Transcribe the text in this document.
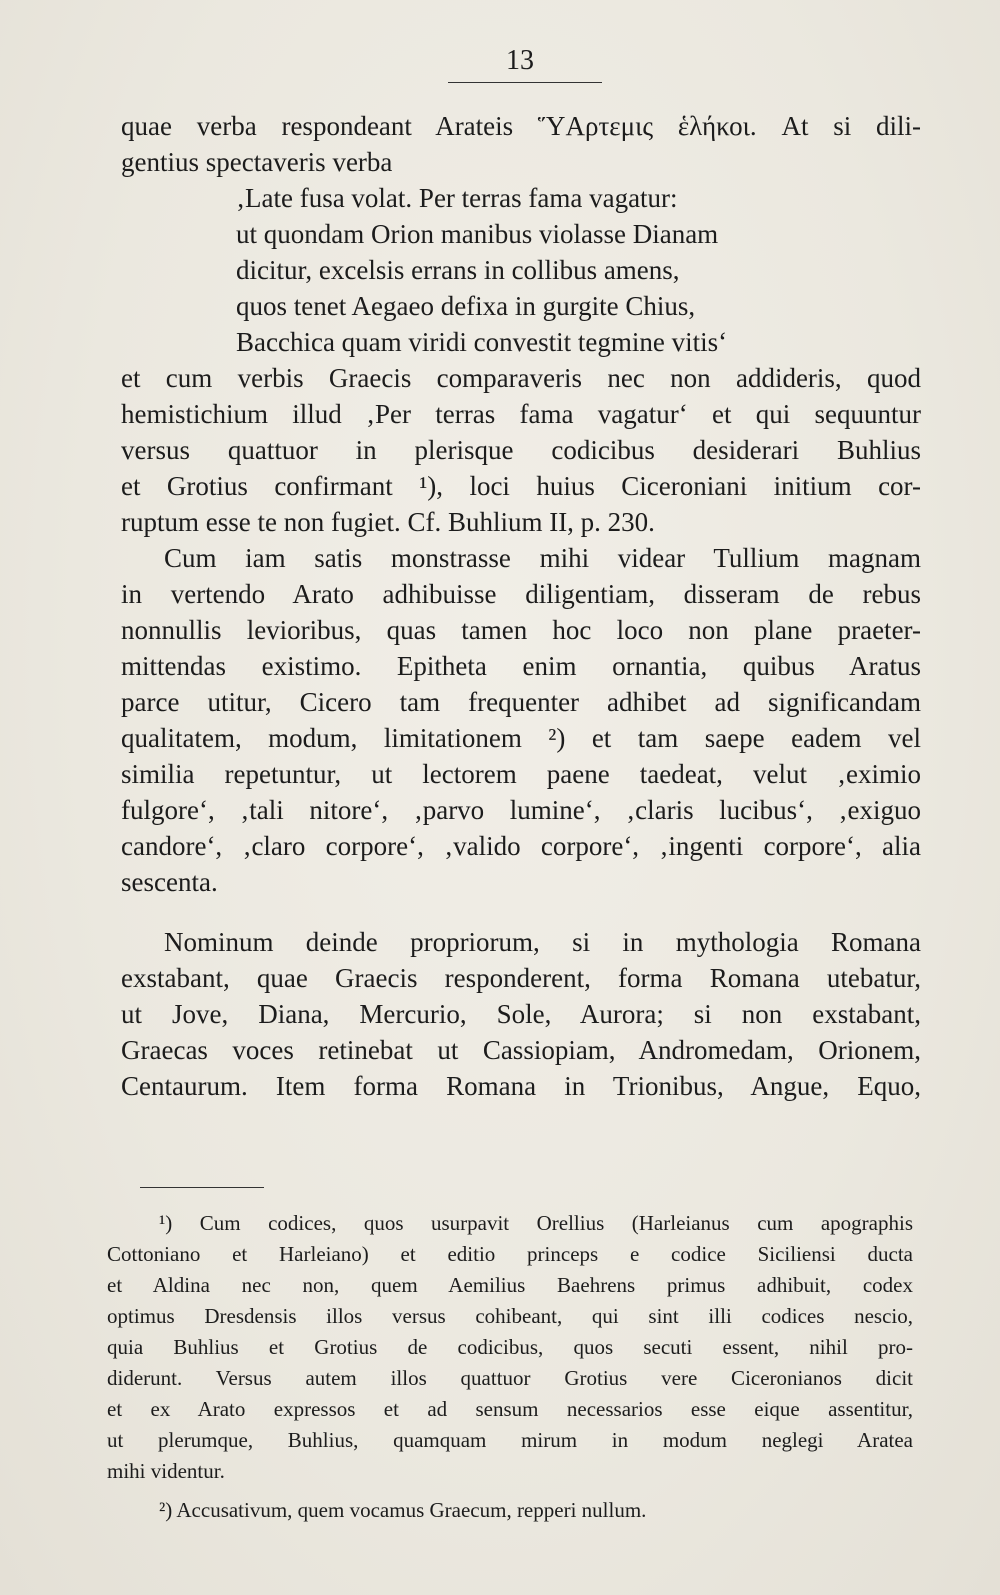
13
quae verba respondeant Arateis ὝΑρτεμις ἑλήκοι. At si dili-
gentius spectaveris verba
‚Late fusa volat. Per terras fama vagatur:
ut quondam Orion manibus violasse Dianam
dicitur, excelsis errans in collibus amens,
quos tenet Aegaeo defixa in gurgite Chius,
Bacchica quam viridi convestit tegmine vitis‘
et cum verbis Graecis comparaveris nec non addideris, quod
hemistichium illud ‚Per terras fama vagatur‘ et qui sequuntur
versus quattuor in plerisque codicibus desiderari Buhlius
et Grotius confirmant ¹), loci huius Ciceroniani initium cor-
ruptum esse te non fugiet. Cf. Buhlium II, p. 230.
Cum iam satis monstrasse mihi videar Tullium magnam
in vertendo Arato adhibuisse diligentiam, disseram de rebus
nonnullis levioribus, quas tamen hoc loco non plane praeter-
mittendas existimo. Epitheta enim ornantia, quibus Aratus
parce utitur, Cicero tam frequenter adhibet ad significandam
qualitatem, modum, limitationem ²) et tam saepe eadem vel
similia repetuntur, ut lectorem paene taedeat, velut ‚eximio
fulgore‘, ‚tali nitore‘, ‚parvo lumine‘, ‚claris lucibus‘, ‚exiguo
candore‘, ‚claro corpore‘, ‚valido corpore‘, ‚ingenti corpore‘, alia
sescenta.
Nominum deinde propriorum, si in mythologia Romana
exstabant, quae Graecis responderent, forma Romana utebatur,
ut Jove, Diana, Mercurio, Sole, Aurora; si non exstabant,
Graecas voces retinebat ut Cassiopiam, Andromedam, Orionem,
Centaurum. Item forma Romana in Trionibus, Angue, Equo,
¹) Cum codices, quos usurpavit Orellius (Harleianus cum apographis
Cottoniano et Harleiano) et editio princeps e codice Siciliensi ducta
et Aldina nec non, quem Aemilius Baehrens primus adhibuit, codex
optimus Dresdensis illos versus cohibeant, qui sint illi codices nescio,
quia Buhlius et Grotius de codicibus, quos secuti essent, nihil pro-
diderunt. Versus autem illos quattuor Grotius vere Ciceronianos dicit
et ex Arato expressos et ad sensum necessarios esse eique assentitur,
ut plerumque, Buhlius, quamquam mirum in modum neglegi Aratea
mihi videntur.
²) Accusativum, quem vocamus Graecum, repperi nullum.
